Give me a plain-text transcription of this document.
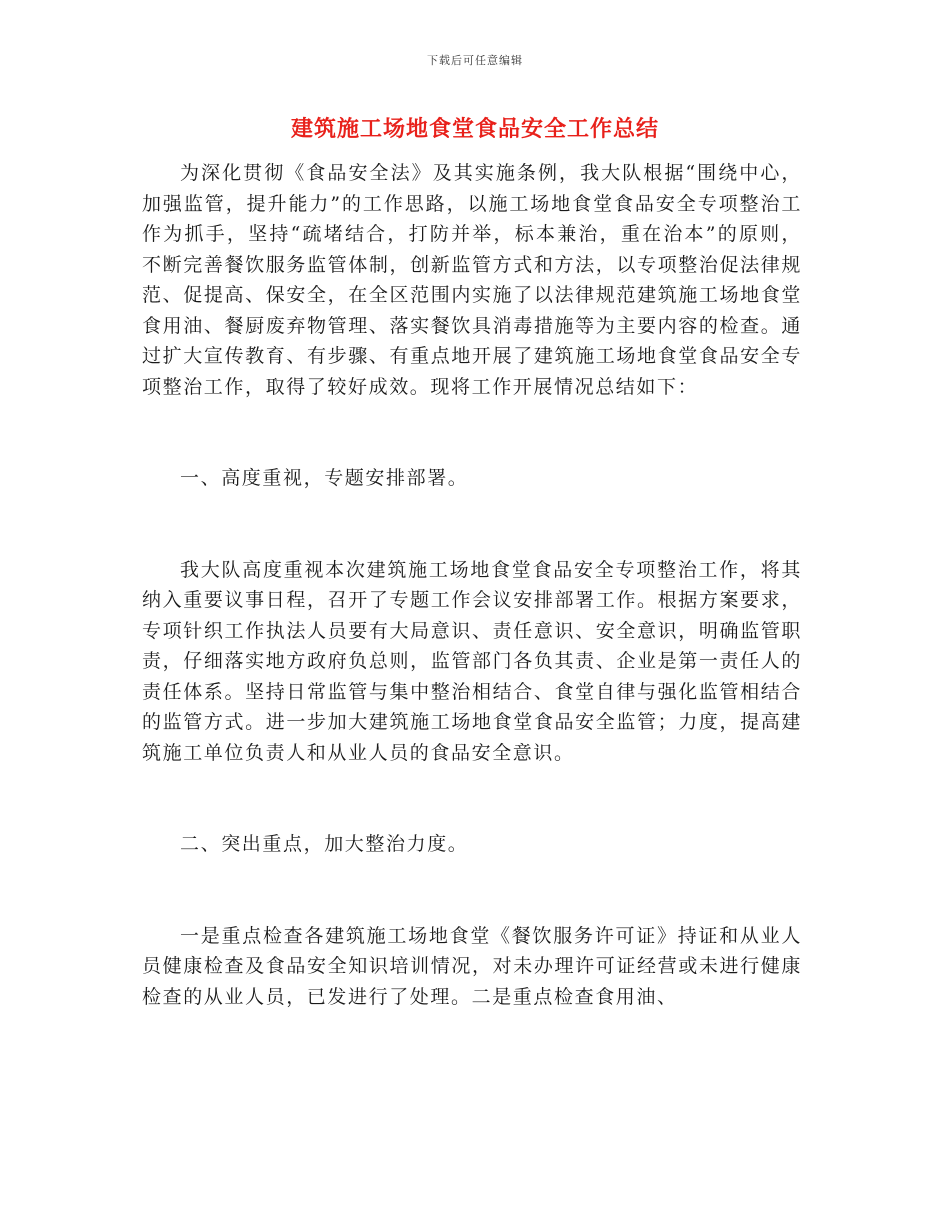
下载后可任意编辑
建筑施工场地食堂食品安全工作总结

为深化贯彻《食品安全法》及其实施条例，我大队根据“围绕中心，加强监管，提升能力”的工作思路，以施工场地食堂食品安全专项整治工作为抓手，坚持“疏堵结合，打防并举，标本兼治，重在治本”的原则，不断完善餐饮服务监管体制，创新监管方式和方法，以专项整治促法律规范、促提高、保安全，在全区范围内实施了以法律规范建筑施工场地食堂食用油、餐厨废弃物管理、落实餐饮具消毒措施等为主要内容的检查。通过扩大宣传教育、有步骤、有重点地开展了建筑施工场地食堂食品安全专项整治工作，取得了较好成效。现将工作开展情况总结如下：

一、高度重视，专题安排部署。

我大队高度重视本次建筑施工场地食堂食品安全专项整治工作，将其纳入重要议事日程，召开了专题工作会议安排部署工作。根据方案要求，专项针织工作执法人员要有大局意识、责任意识、安全意识，明确监管职责，仔细落实地方政府负总则，监管部门各负其责、企业是第一责任人的责任体系。坚持日常监管与集中整治相结合、食堂自律与强化监管相结合的监管方式。进一步加大建筑施工场地食堂食品安全监管；力度，提高建筑施工单位负责人和从业人员的食品安全意识。

二、突出重点，加大整治力度。

一是重点检查各建筑施工场地食堂《餐饮服务许可证》持证和从业人员健康检查及食品安全知识培训情况，对未办理许可证经营或未进行健康检查的从业人员，已发进行了处理。二是重点检查食用油、
